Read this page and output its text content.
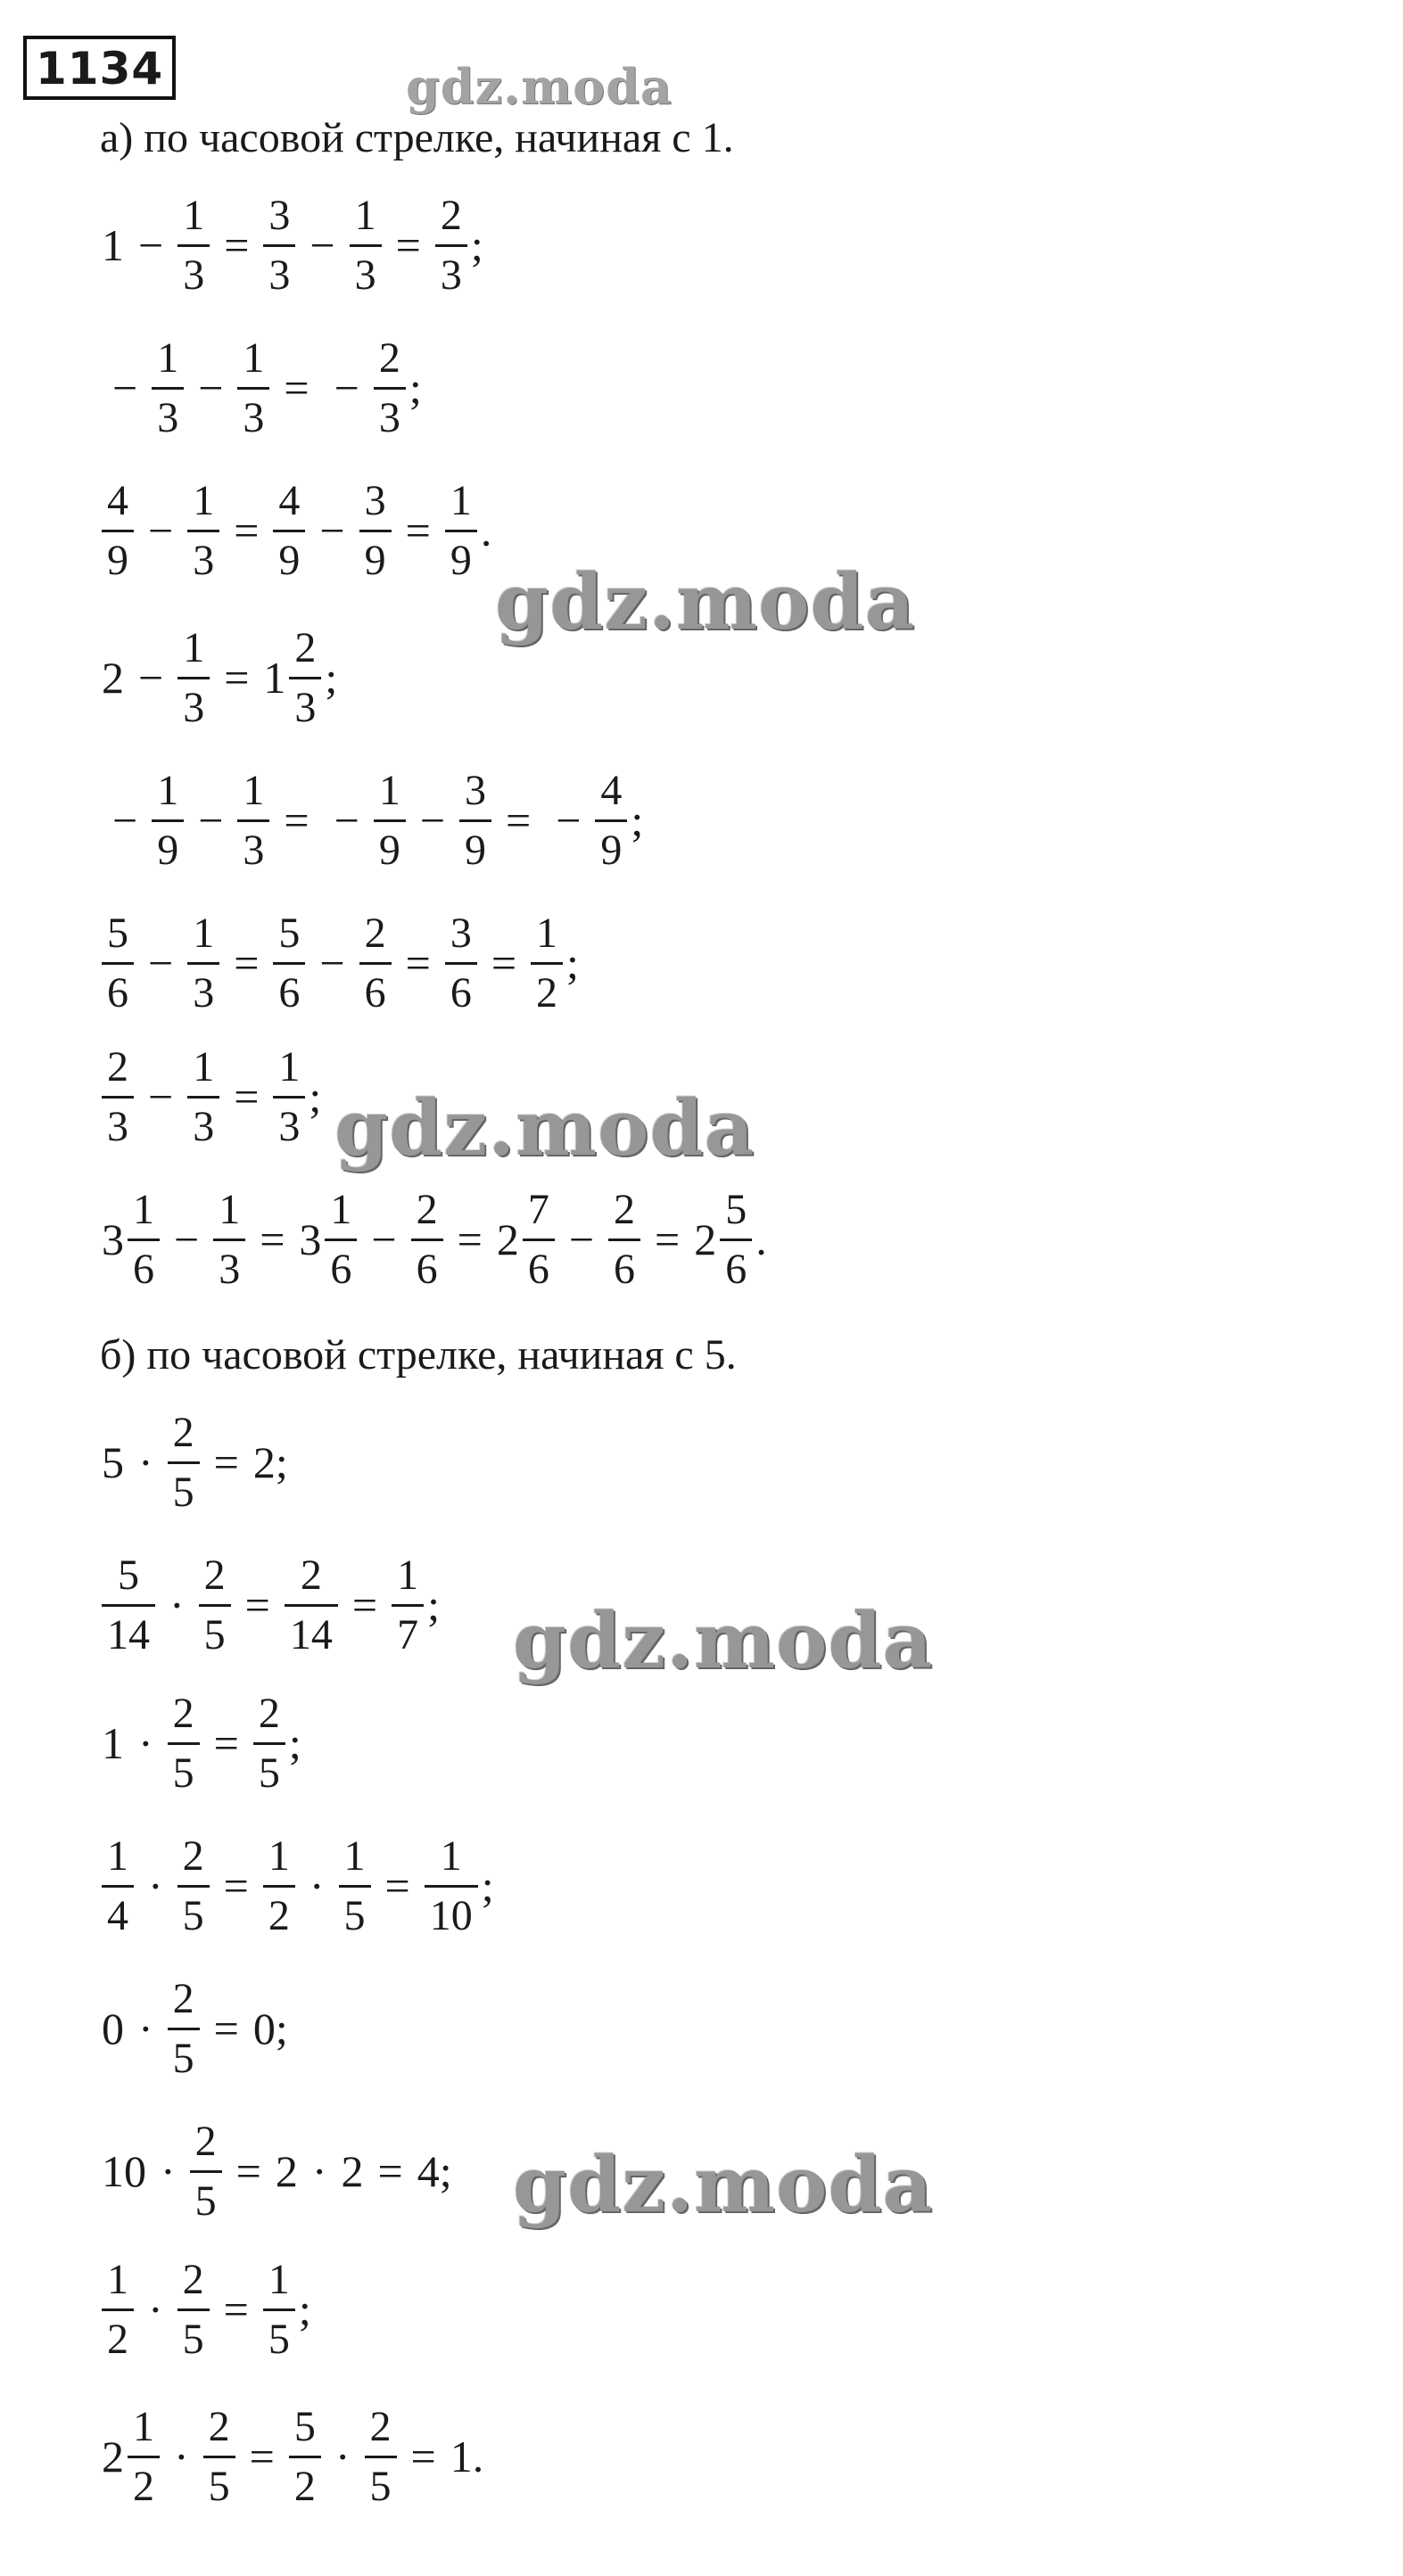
1134
а) по часовой стрелке, начиная с 1.
$1 - \frac{1}{3} = \frac{3}{3} - \frac{1}{3} = \frac{2}{3}$ ;
− $\frac{1}{3} - \frac{1}{3}$ = − $\frac{2}{3}$ ;
$\frac{4}{9} - \frac{1}{3} = \frac{4}{9} - \frac{3}{9} = \frac{1}{9}$ .
$2 - \frac{1}{3} = 1 \frac{2}{3}$ ;
− $\frac{1}{9} - \frac{1}{3}$ = − $\frac{1}{9} - \frac{3}{9}$ = − $\frac{4}{9}$ ;
$\frac{5}{6} - \frac{1}{3} = \frac{5}{6} - \frac{2}{6} = \frac{3}{6} = \frac{1}{2}$ ;
$\frac{2}{3} - \frac{1}{3} = \frac{1}{3}$ ;
$3 \frac{1}{6} - \frac{1}{3} = 3 \frac{1}{6} - \frac{2}{6} = 2 \frac{7}{6} - \frac{2}{6} = 2 \frac{5}{6}$ .
б) по часовой стрелке, начиная с 5.
$5 \cdot \frac{2}{5} = 2$;
$\frac{5}{14} \cdot \frac{2}{5} = \frac{2}{14} = \frac{1}{7}$ ;
$1 \cdot \frac{2}{5} = \frac{2}{5}$ ;
$\frac{1}{4} \cdot \frac{2}{5} = \frac{1}{2} \cdot \frac{1}{5} = \frac{1}{10}$ ;
$0 \cdot \frac{2}{5} = 0$;
$10 \cdot \frac{2}{5} = 2 \cdot 2 = 4$;
$\frac{1}{2} \cdot \frac{2}{5} = \frac{1}{5}$ ;
$2 \frac{1}{2} \cdot \frac{2}{5} = \frac{5}{2} \cdot \frac{2}{5} = 1$.
gdz.moda
gdz.moda
gdz.moda
gdz.moda
gdz.moda
